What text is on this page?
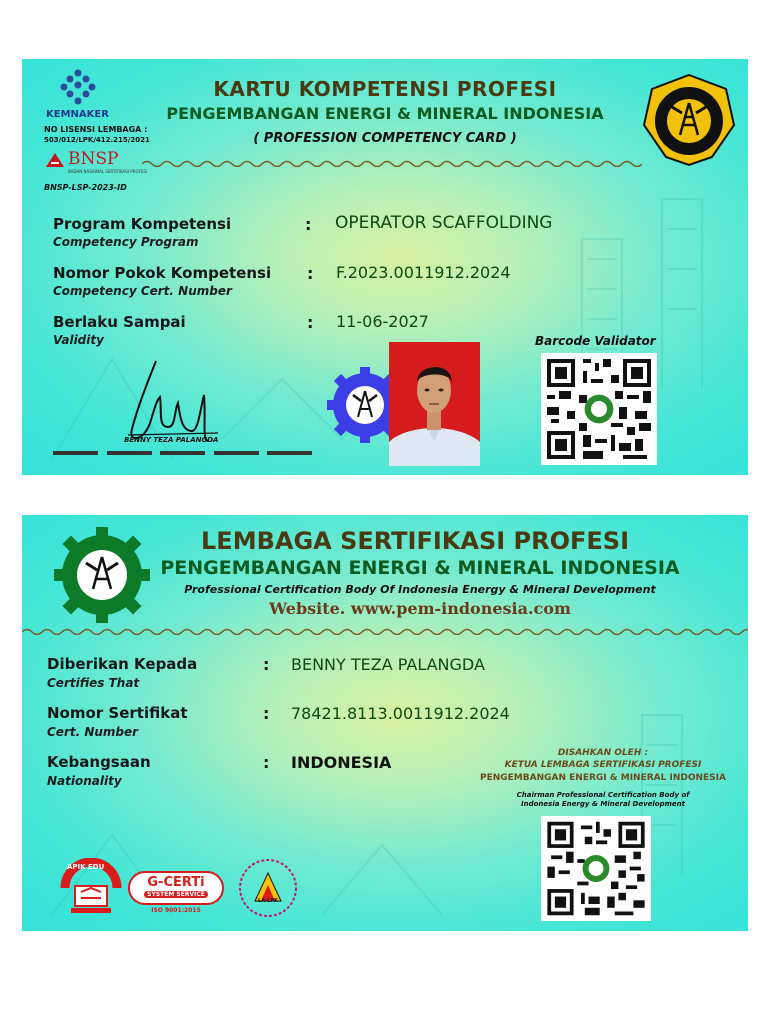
KEMNAKER
NO LISENSI LEMBAGA :
503/012/LPK/412.215/2021
BNSP
BADAN NASIONAL SERTIFIKASI PROFESI
BNSP-LSP-2023-ID
KARTU KOMPETENSI PROFESI
PENGEMBANGAN ENERGI & MINERAL INDONESIA
( PROFESSION COMPETENCY CARD )
Program Kompetensi
Competency Program
: OPERATOR SCAFFOLDING
Nomor Pokok Kompetensi
Competency Cert. Number
: F.2023.0011912.2024
Berlaku Sampai
Validity
: 11-06-2027
BENNY TEZA PALANGDA
Barcode Validator
LEMBAGA SERTIFIKASI PROFESI
PENGEMBANGAN ENERGI & MINERAL INDONESIA
Professional Certification Body Of Indonesia Energy & Mineral Development
Website. www.pem-indonesia.com
Diberikan Kepada
Certifies That
: BENNY TEZA PALANGDA
Nomor Sertifikat
Cert. Number
: 78421.8113.0011912.2024
Kebangsaan
Nationality
: INDONESIA	DISAHKAN OLEH :
KETUA LEMBAGA SERTIFIKASI PROFESI
PENGEMBANGAN ENERGI & MINERAL INDONESIA
Chairman Professional Certification Body of
Indonesia Energy & Mineral Development
APIK EDU
G-CERTi
SYSTEM SERVICE
ISO 9001:2015
LA-LPK
